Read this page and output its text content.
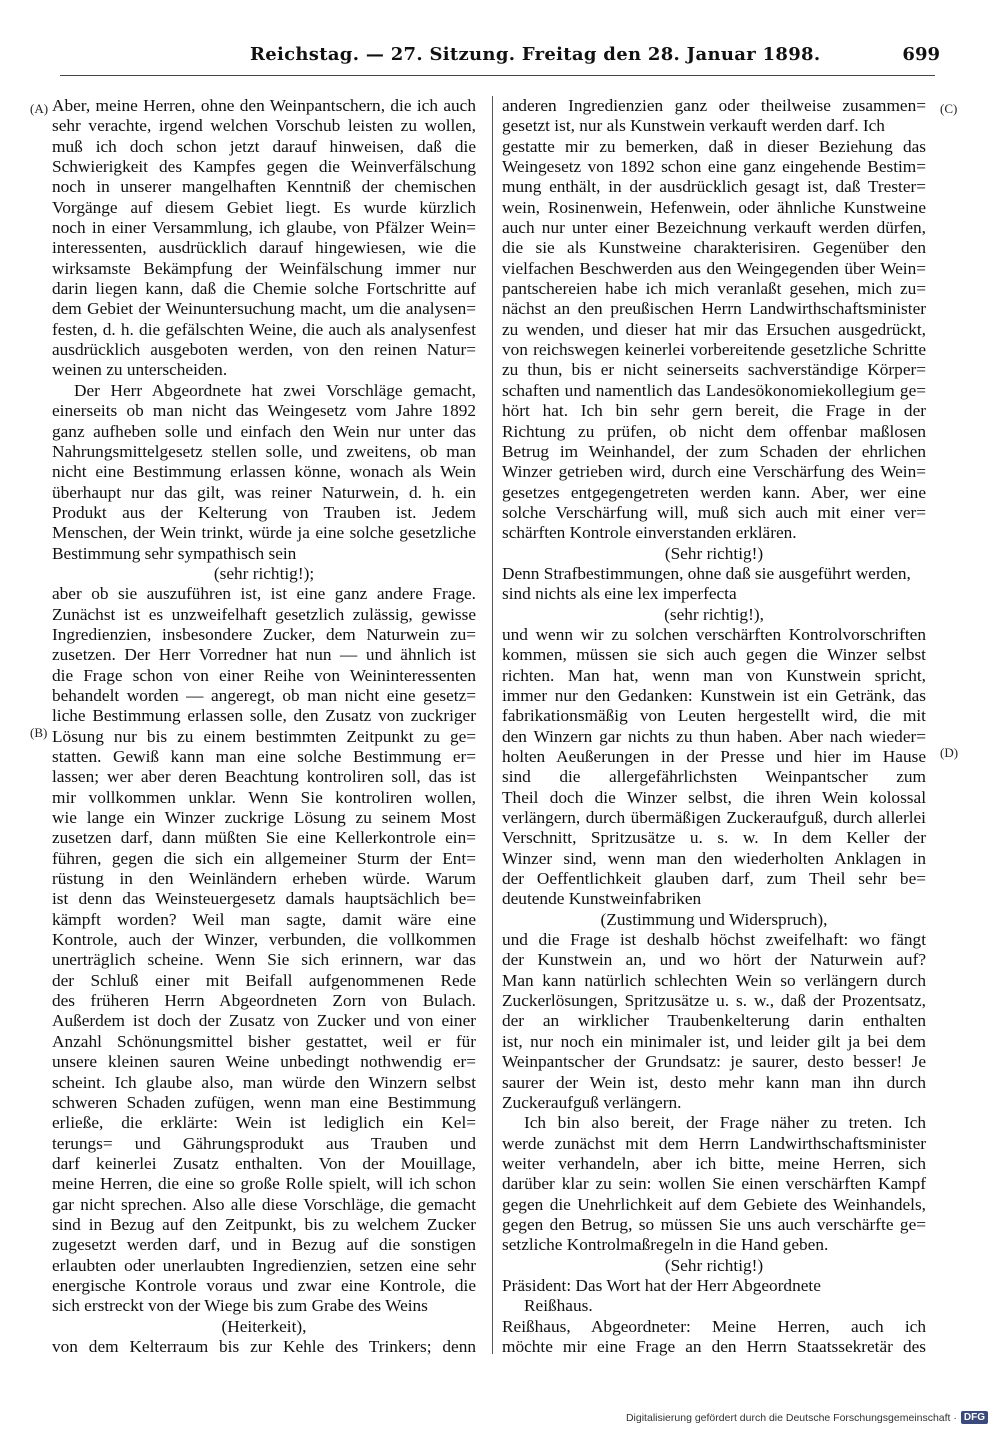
Reichstag. — 27. Sitzung. Freitag den 28. Januar 1898.	699
(A)
(B)
(C)
(D)
Aber, meine Herren, ohne den Weinpantschern, die ich auch
sehr verachte, irgend welchen Vorschub leisten zu wollen,
muß ich doch schon jetzt darauf hinweisen, daß die
Schwierigkeit des Kampfes gegen die Weinverfälschung
noch in unserer mangelhaften Kenntniß der chemischen
Vorgänge auf diesem Gebiet liegt. Es wurde kürzlich
noch in einer Versammlung, ich glaube, von Pfälzer Wein=
interessenten, ausdrücklich darauf hingewiesen, wie die
wirksamste Bekämpfung der Weinfälschung immer nur
darin liegen kann, daß die Chemie solche Fortschritte auf
dem Gebiet der Weinuntersuchung macht, um die analysen=
festen, d. h. die gefälschten Weine, die auch als analysenfest
ausdrücklich ausgeboten werden, von den reinen Natur=
weinen zu unterscheiden.
Der Herr Abgeordnete hat zwei Vorschläge gemacht,
einerseits ob man nicht das Weingesetz vom Jahre 1892
ganz aufheben solle und einfach den Wein nur unter das
Nahrungsmittelgesetz stellen solle, und zweitens, ob man
nicht eine Bestimmung erlassen könne, wonach als Wein
überhaupt nur das gilt, was reiner Naturwein, d. h. ein
Produkt aus der Kelterung von Trauben ist. Jedem
Menschen, der Wein trinkt, würde ja eine solche gesetzliche
Bestimmung sehr sympathisch sein
(sehr richtig!);
aber ob sie auszuführen ist, ist eine ganz andere Frage.
Zunächst ist es unzweifelhaft gesetzlich zulässig, gewisse
Ingredienzien, insbesondere Zucker, dem Naturwein zu=
zusetzen. Der Herr Vorredner hat nun — und ähnlich ist
die Frage schon von einer Reihe von Weininteressenten
behandelt worden — angeregt, ob man nicht eine gesetz=
liche Bestimmung erlassen solle, den Zusatz von zuckriger
Lösung nur bis zu einem bestimmten Zeitpunkt zu ge=
statten. Gewiß kann man eine solche Bestimmung er=
lassen; wer aber deren Beachtung kontroliren soll, das ist
mir vollkommen unklar. Wenn Sie kontroliren wollen,
wie lange ein Winzer zuckrige Lösung zu seinem Most
zusetzen darf, dann müßten Sie eine Kellerkontrole ein=
führen, gegen die sich ein allgemeiner Sturm der Ent=
rüstung in den Weinländern erheben würde. Warum
ist denn das Weinsteuergesetz damals hauptsächlich be=
kämpft worden? Weil man sagte, damit wäre eine
Kontrole, auch der Winzer, verbunden, die vollkommen
unerträglich scheine. Wenn Sie sich erinnern, war das
der Schluß einer mit Beifall aufgenommenen Rede
des früheren Herrn Abgeordneten Zorn von Bulach.
Außerdem ist doch der Zusatz von Zucker und von einer
Anzahl Schönungsmittel bisher gestattet, weil er für
unsere kleinen sauren Weine unbedingt nothwendig er=
scheint. Ich glaube also, man würde den Winzern selbst
schweren Schaden zufügen, wenn man eine Bestimmung
erließe, die erklärte: Wein ist lediglich ein Kel=
terungs= und Gährungsprodukt aus Trauben und
darf keinerlei Zusatz enthalten. Von der Mouillage,
meine Herren, die eine so große Rolle spielt, will ich schon
gar nicht sprechen. Also alle diese Vorschläge, die gemacht
sind in Bezug auf den Zeitpunkt, bis zu welchem Zucker
zugesetzt werden darf, und in Bezug auf die sonstigen
erlaubten oder unerlaubten Ingredienzien, setzen eine sehr
energische Kontrole voraus und zwar eine Kontrole, die
sich erstreckt von der Wiege bis zum Grabe des Weins
(Heiterkeit),
von dem Kelterraum bis zur Kehle des Trinkers; denn
anderen Ingredienzien ganz oder theilweise zusammen=
gesetzt ist, nur als Kunstwein verkauft werden darf. Ich
gestatte mir zu bemerken, daß in dieser Beziehung das
Weingesetz von 1892 schon eine ganz eingehende Bestim=
mung enthält, in der ausdrücklich gesagt ist, daß Trester=
wein, Rosinenwein, Hefenwein, oder ähnliche Kunstweine
auch nur unter einer Bezeichnung verkauft werden dürfen,
die sie als Kunstweine charakterisiren. Gegenüber den
vielfachen Beschwerden aus den Weingegenden über Wein=
pantschereien habe ich mich veranlaßt gesehen, mich zu=
nächst an den preußischen Herrn Landwirthschaftsminister
zu wenden, und dieser hat mir das Ersuchen ausgedrückt,
von reichswegen keinerlei vorbereitende gesetzliche Schritte
zu thun, bis er nicht seinerseits sachverständige Körper=
schaften und namentlich das Landesökonomiekollegium ge=
hört hat. Ich bin sehr gern bereit, die Frage in der
Richtung zu prüfen, ob nicht dem offenbar maßlosen
Betrug im Weinhandel, der zum Schaden der ehrlichen
Winzer getrieben wird, durch eine Verschärfung des Wein=
gesetzes entgegengetreten werden kann. Aber, wer eine
solche Verschärfung will, muß sich auch mit einer ver=
schärften Kontrole einverstanden erklären.
(Sehr richtig!)
Denn Strafbestimmungen, ohne daß sie ausgeführt werden,
sind nichts als eine lex imperfecta
(sehr richtig!),
und wenn wir zu solchen verschärften Kontrolvorschriften
kommen, müssen sie sich auch gegen die Winzer selbst
richten. Man hat, wenn man von Kunstwein spricht,
immer nur den Gedanken: Kunstwein ist ein Getränk, das
fabrikationsmäßig von Leuten hergestellt wird, die mit
den Winzern gar nichts zu thun haben. Aber nach wieder=
holten Aeußerungen in der Presse und hier im Hause
sind die allergefährlichsten Weinpantscher zum
Theil doch die Winzer selbst, die ihren Wein kolossal
verlängern, durch übermäßigen Zuckeraufguß, durch allerlei
Verschnitt, Spritzusätze u. s. w. In dem Keller der
Winzer sind, wenn man den wiederholten Anklagen in
der Oeffentlichkeit glauben darf, zum Theil sehr be=
deutende Kunstweinfabriken
(Zustimmung und Widerspruch),
und die Frage ist deshalb höchst zweifelhaft: wo fängt
der Kunstwein an, und wo hört der Naturwein auf?
Man kann natürlich schlechten Wein so verlängern durch
Zuckerlösungen, Spritzusätze u. s. w., daß der Prozentsatz,
der an wirklicher Traubenkelterung darin enthalten
ist, nur noch ein minimaler ist, und leider gilt ja bei dem
Weinpantscher der Grundsatz: je saurer, desto besser! Je
saurer der Wein ist, desto mehr kann man ihn durch
Zuckeraufguß verlängern.
Ich bin also bereit, der Frage näher zu treten. Ich
werde zunächst mit dem Herrn Landwirthschaftsminister
weiter verhandeln, aber ich bitte, meine Herren, sich
darüber klar zu sein: wollen Sie einen verschärften Kampf
gegen die Unehrlichkeit auf dem Gebiete des Weinhandels,
gegen den Betrug, so müssen Sie uns auch verschärfte ge=
setzliche Kontrolmaßregeln in die Hand geben.
(Sehr richtig!)
Präsident: Das Wort hat der Herr Abgeordnete
Reißhaus.
Reißhaus, Abgeordneter: Meine Herren, auch ich
möchte mir eine Frage an den Herrn Staatssekretär des
Digitalisierung gefördert durch die Deutsche Forschungsgemeinschaft · DFG
